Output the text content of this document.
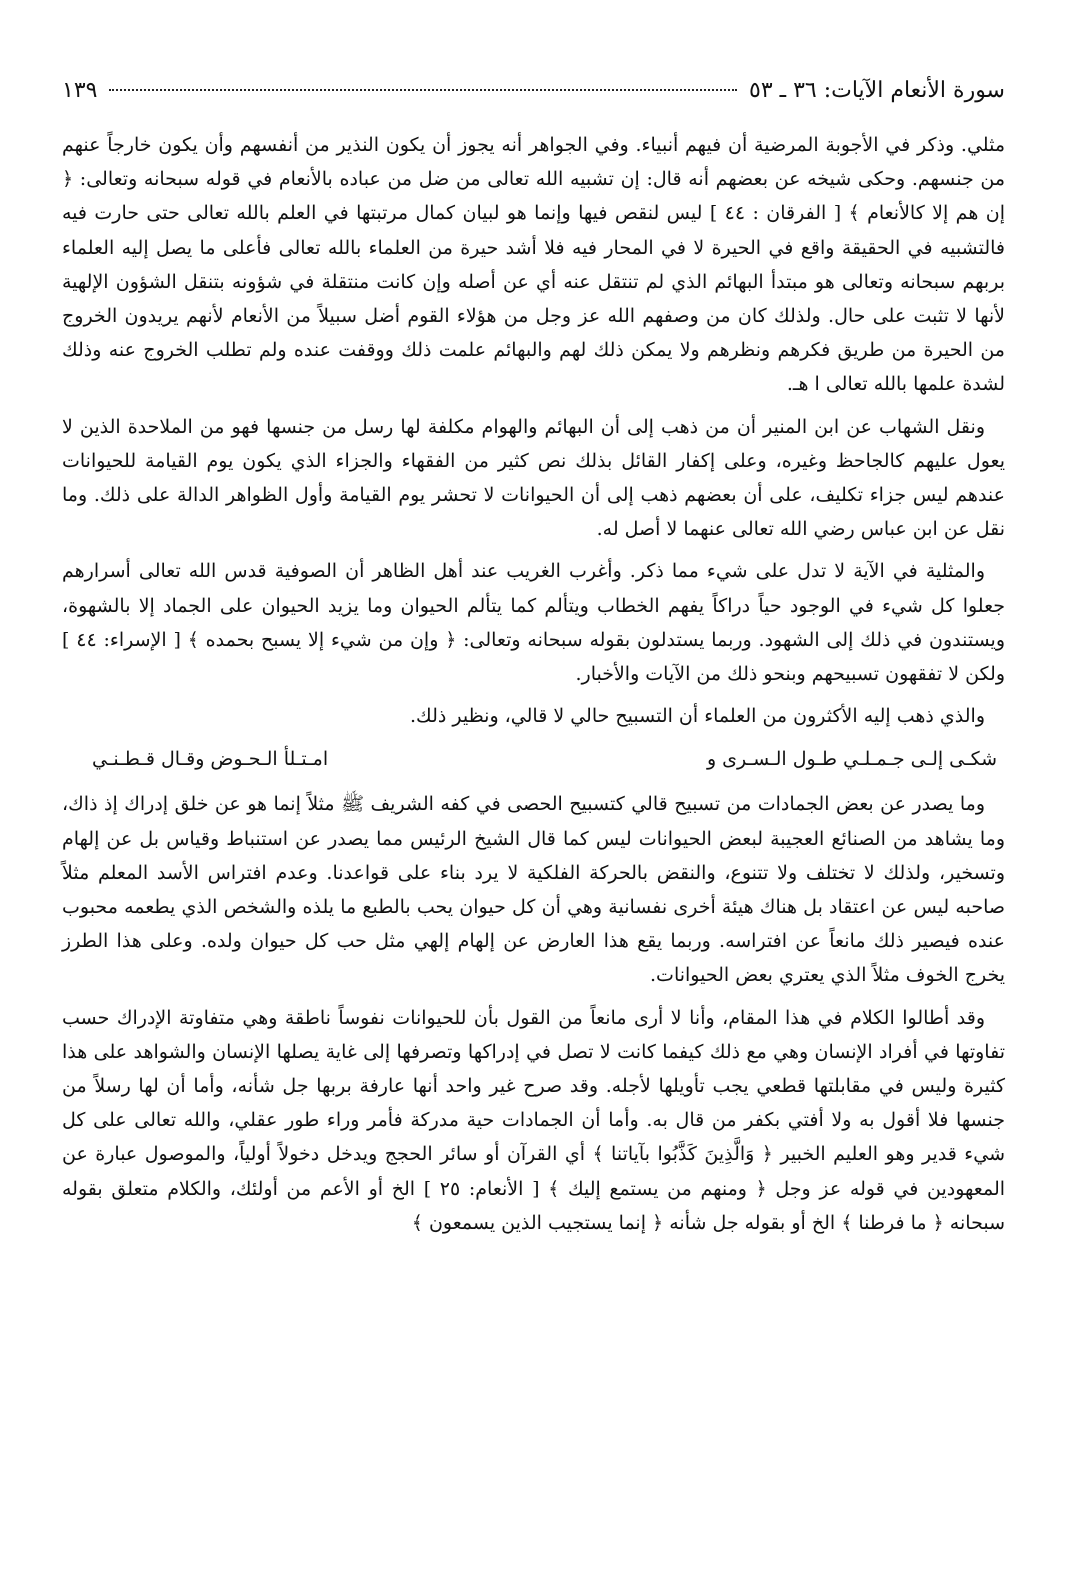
سورة الأنعام الآيات: ٣٦ ـ ٥٣
١٣٩

مثلي. وذكر في الأجوبة المرضية أن فيهم أنبياء. وفي الجواهر أنه يجوز أن يكون النذير من أنفسهم وأن يكون خارجاً عنهم من جنسهم. وحكى شيخه عن بعضهم أنه قال: إن تشبيه الله تعالى من ضل من عباده بالأنعام في قوله سبحانه وتعالى: ﴿ إن هم إلا كالأنعام ﴾ [ الفرقان : ٤٤ ] ليس لنقص فيها وإنما هو لبيان كمال مرتبتها في العلم بالله تعالى حتى حارت فيه فالتشبيه في الحقيقة واقع في الحيرة لا في المحار فيه فلا أشد حيرة من العلماء بالله تعالى فأعلى ما يصل إليه العلماء بربهم سبحانه وتعالى هو مبتدأ البهائم الذي لم تنتقل عنه أي عن أصله وإن كانت منتقلة في شؤونه بتنقل الشؤون الإلهية لأنها لا تثبت على حال. ولذلك كان من وصفهم الله عز وجل من هؤلاء القوم أضل سبيلاً من الأنعام لأنهم يريدون الخروج من الحيرة من طريق فكرهم ونظرهم ولا يمكن ذلك لهم والبهائم علمت ذلك ووقفت عنده ولم تطلب الخروج عنه وذلك لشدة علمها بالله تعالى ا هـ.

ونقل الشهاب عن ابن المنير أن من ذهب إلى أن البهائم والهوام مكلفة لها رسل من جنسها فهو من الملاحدة الذين لا يعول عليهم كالجاحظ وغيره، وعلى إكفار القائل بذلك نص كثير من الفقهاء والجزاء الذي يكون يوم القيامة للحيوانات عندهم ليس جزاء تكليف، على أن بعضهم ذهب إلى أن الحيوانات لا تحشر يوم القيامة وأول الظواهر الدالة على ذلك. وما نقل عن ابن عباس رضي الله تعالى عنهما لا أصل له.

والمثلية في الآية لا تدل على شيء مما ذكر. وأغرب الغريب عند أهل الظاهر أن الصوفية قدس الله تعالى أسرارهم جعلوا كل شيء في الوجود حياً دراكاً يفهم الخطاب ويتألم كما يتألم الحيوان وما يزيد الحيوان على الجماد إلا بالشهوة، ويستندون في ذلك إلى الشهود. وربما يستدلون بقوله سبحانه وتعالى: ﴿ وإن من شيء إلا يسبح بحمده ﴾ [ الإسراء: ٤٤ ] ولكن لا تفقهون تسبيحهم وبنحو ذلك من الآيات والأخبار.

والذي ذهب إليه الأكثرون من العلماء أن التسبيح حالي لا قالي، ونظير ذلك.

شكـى إلـى جـمـلـي طـول الـسـرى و
امـتـلأ الـحـوض وقـال قـطـنـي

وما يصدر عن بعض الجمادات من تسبيح قالي كتسبيح الحصى في كفه الشريف ﷺ مثلاً إنما هو عن خلق إدراك إذ ذاك، وما يشاهد من الصنائع العجيبة لبعض الحيوانات ليس كما قال الشيخ الرئيس مما يصدر عن استنباط وقياس بل عن إلهام وتسخير، ولذلك لا تختلف ولا تتنوع، والنقض بالحركة الفلكية لا يرد بناء على قواعدنا. وعدم افتراس الأسد المعلم مثلاً صاحبه ليس عن اعتقاد بل هناك هيئة أخرى نفسانية وهي أن كل حيوان يحب بالطبع ما يلذه والشخص الذي يطعمه محبوب عنده فيصير ذلك مانعاً عن افتراسه. وربما يقع هذا العارض عن إلهام إلهي مثل حب كل حيوان ولده. وعلى هذا الطرز يخرج الخوف مثلاً الذي يعتري بعض الحيوانات.

وقد أطالوا الكلام في هذا المقام، وأنا لا أرى مانعاً من القول بأن للحيوانات نفوساً ناطقة وهي متفاوتة الإدراك حسب تفاوتها في أفراد الإنسان وهي مع ذلك كيفما كانت لا تصل في إدراكها وتصرفها إلى غاية يصلها الإنسان والشواهد على هذا كثيرة وليس في مقابلتها قطعي يجب تأويلها لأجله. وقد صرح غير واحد أنها عارفة بربها جل شأنه، وأما أن لها رسلاً من جنسها فلا أقول به ولا أفتي بكفر من قال به. وأما أن الجمادات حية مدركة فأمر وراء طور عقلي، والله تعالى على كل شيء قدير وهو العليم الخبير ﴿ وَالَّذِينَ كَذَّبُوا بآياتنا ﴾ أي القرآن أو سائر الحجج ويدخل دخولاً أولياً، والموصول عبارة عن المعهودين في قوله عز وجل ﴿ ومنهم من يستمع إليك ﴾ [ الأنعام: ٢٥ ] الخ أو الأعم من أولئك، والكلام متعلق بقوله سبحانه ﴿ ما فرطنا ﴾ الخ أو بقوله جل شأنه ﴿ إنما يستجيب الذين يسمعون ﴾
